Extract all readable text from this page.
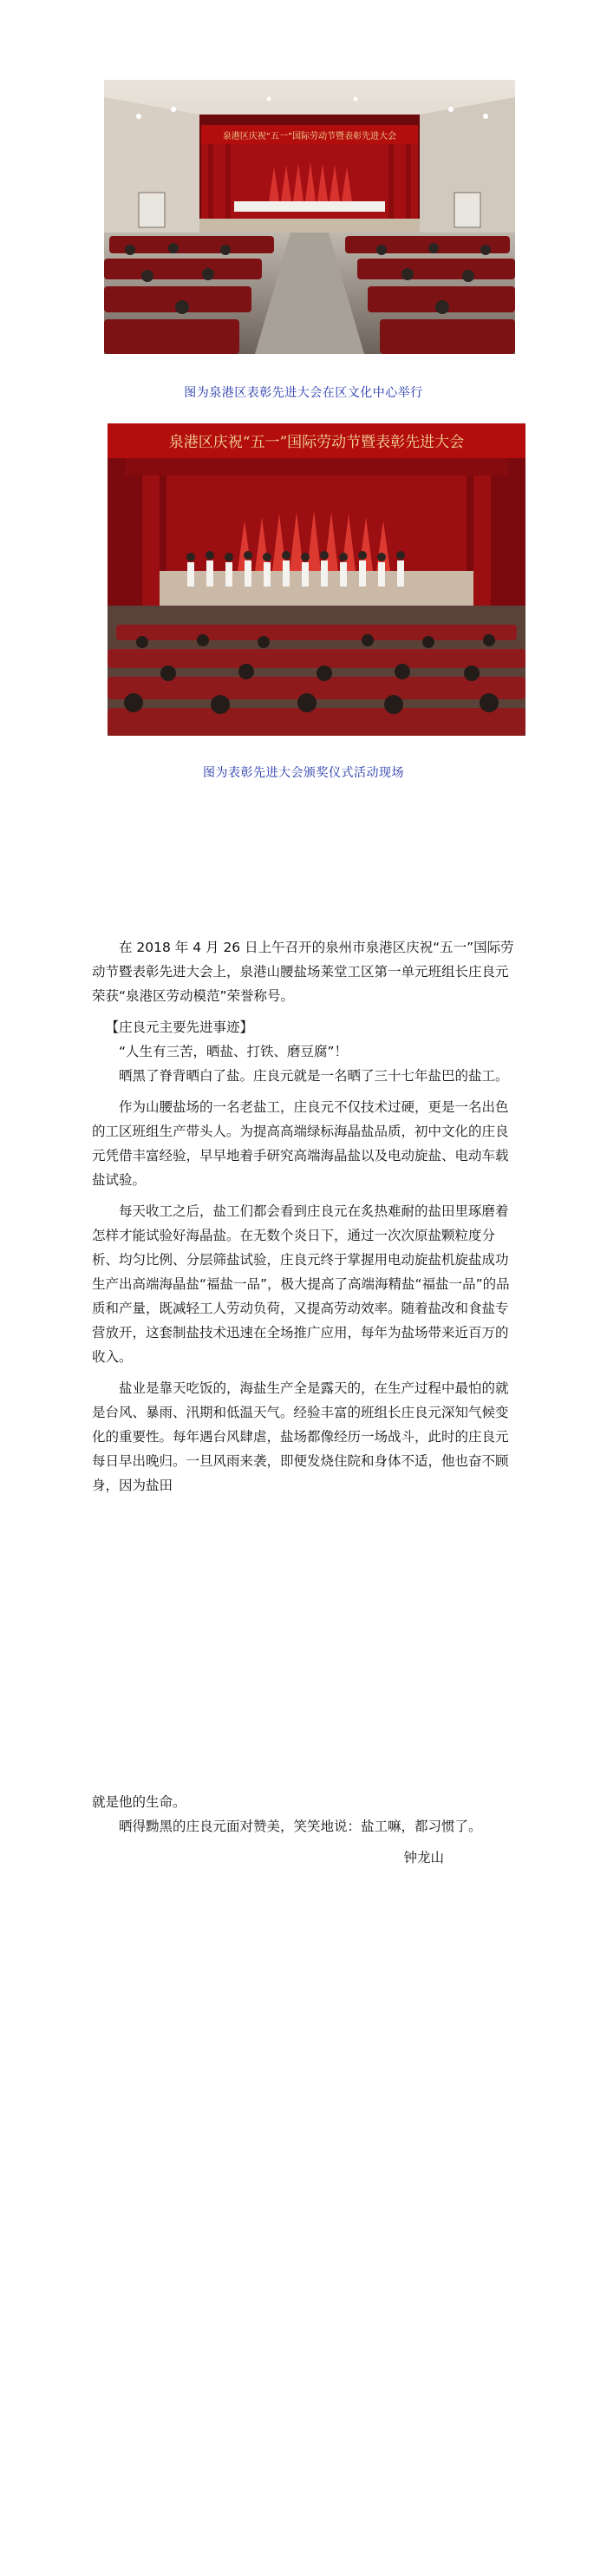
泉港区庆祝“五一”国际劳动节暨表彰先进大会
图为泉港区表彰先进大会在区文化中心举行
泉港区庆祝“五一”国际劳动节暨表彰先进大会
图为表彰先进大会颁奖仪式活动现场

在 2018 年 4 月 26 日上午召开的泉州市泉港区庆祝“五一”国际劳动节暨表彰先进大会上，泉港山腰盐场莱堂工区第一单元班组长庄良元荣获“泉港区劳动模范”荣誉称号。

【庄良元主要先进事迹】

“人生有三苦，晒盐、打铁、磨豆腐”！

晒黑了脊背晒白了盐。庄良元就是一名晒了三十七年盐巴的盐工。

作为山腰盐场的一名老盐工，庄良元不仅技术过硬，更是一名出色的工区班组生产带头人。为提高高端绿标海晶盐品质，初中文化的庄良元凭借丰富经验，早早地着手研究高端海晶盐以及电动旋盐、电动车载盐试验。

每天收工之后，盐工们都会看到庄良元在炙热难耐的盐田里琢磨着怎样才能试验好海晶盐。在无数个炎日下，通过一次次原盐颗粒度分析、均匀比例、分层筛盐试验，庄良元终于掌握用电动旋盐机旋盐成功生产出高端海晶盐“福盐一品”，极大提高了高端海精盐“福盐一品”的品质和产量，既减轻工人劳动负荷，又提高劳动效率。随着盐改和食盐专营放开，这套制盐技术迅速在全场推广应用，每年为盐场带来近百万的收入。

盐业是靠天吃饭的，海盐生产全是露天的，在生产过程中最怕的就是台风、暴雨、汛期和低温天气。经验丰富的班组长庄良元深知气候变化的重要性。每年遇台风肆虐，盐场都像经历一场战斗，此时的庄良元每日早出晚归。一旦风雨来袭，即便发烧住院和身体不适，他也奋不顾身，因为盐田

就是他的生命。

晒得黝黑的庄良元面对赞美，笑笑地说：盐工嘛，都习惯了。

钟龙山
